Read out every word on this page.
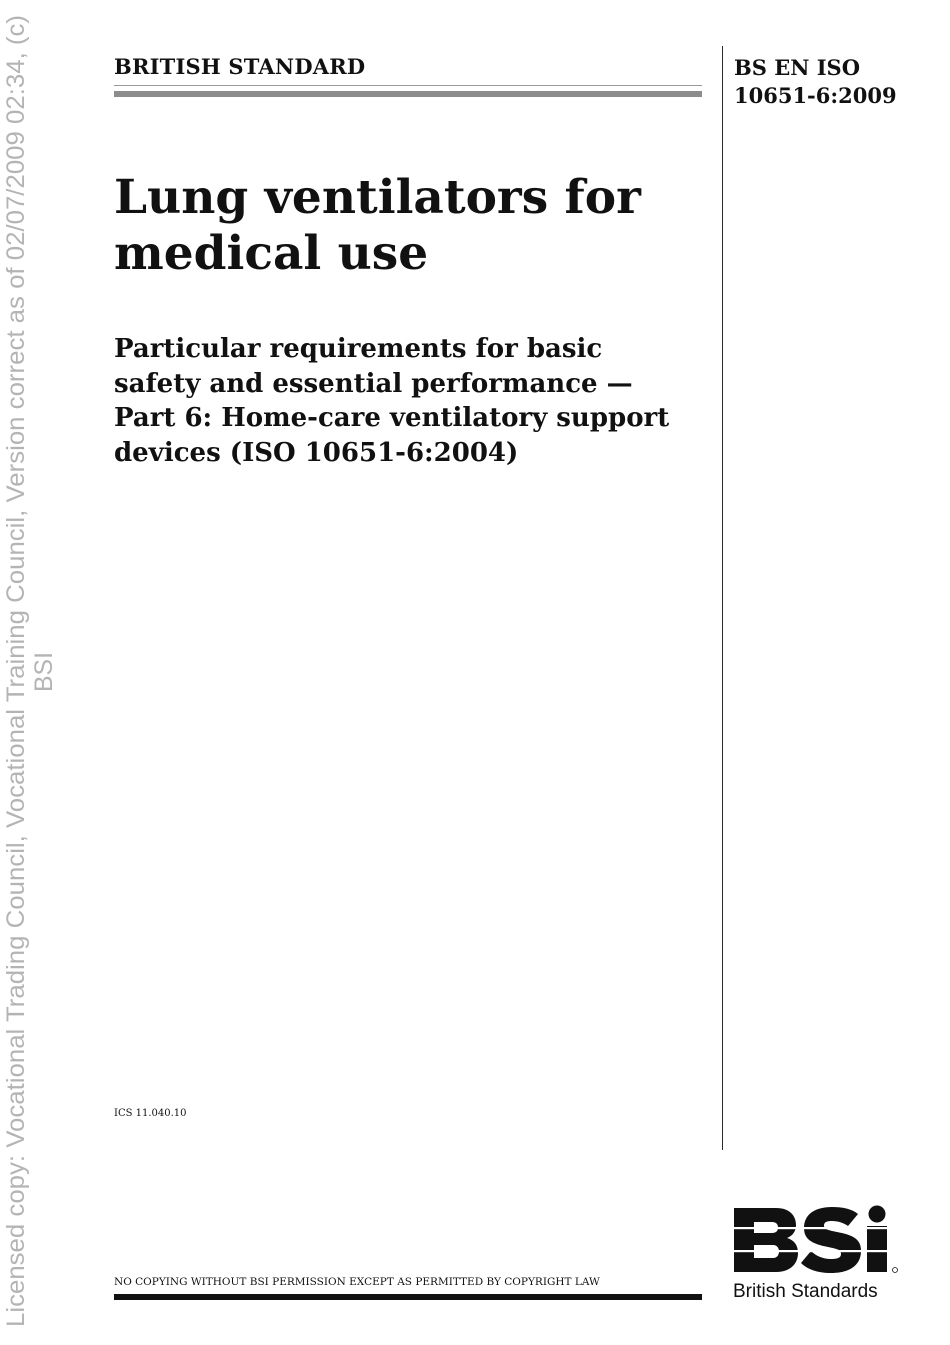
Licensed copy: Vocational Trading Council, Vocational Training Council, Version correct as of 02/07/2009 02:34, (c) BSI
BRITISH STANDARD	BS EN ISO
10651-6:2009
Lung ventilators for
medical use
Particular requirements for basic
safety and essential performance —
Part 6: Home-care ventilatory support
devices (ISO 10651-6:2004)
ICS 11.040.10
NO COPYING WITHOUT BSI PERMISSION EXCEPT AS PERMITTED BY COPYRIGHT LAW	British Standards
